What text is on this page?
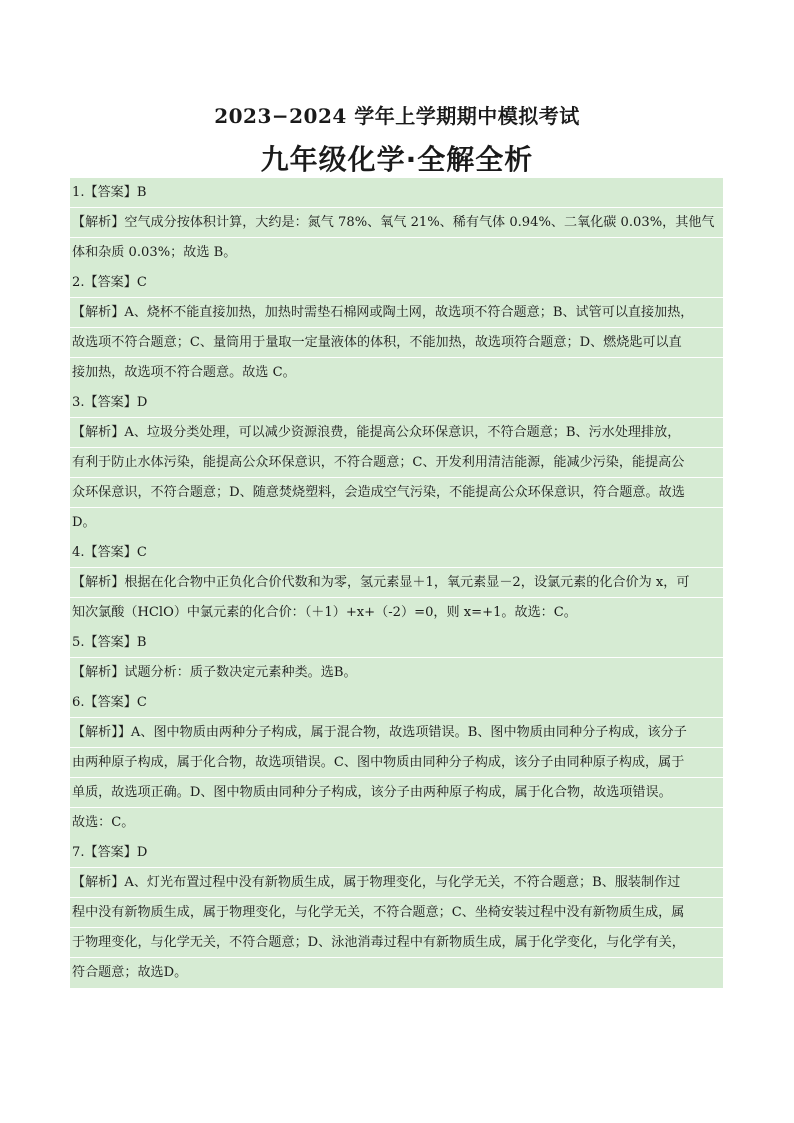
2023−2024 学年上学期期中模拟考试
九年级化学·全解全析
1.【答案】B
【解析】空气成分按体积计算，大约是：氮气 78%、氧气 21%、稀有气体 0.94%、二氧化碳 0.03%，其他气
体和杂质 0.03%；故选 B。
2.【答案】C
【解析】A、烧杯不能直接加热，加热时需垫石棉网或陶土网，故选项不符合题意；B、试管可以直接加热，
故选项不符合题意；C、量筒用于量取一定量液体的体积，不能加热，故选项符合题意；D、燃烧匙可以直
接加热，故选项不符合题意。故选 C。
3.【答案】D
【解析】A、垃圾分类处理，可以减少资源浪费，能提高公众环保意识，不符合题意；B、污水处理排放，
有利于防止水体污染，能提高公众环保意识，不符合题意；C、开发利用清洁能源，能减少污染，能提高公
众环保意识，不符合题意；D、随意焚烧塑料，会造成空气污染，不能提高公众环保意识，符合题意。故选
D。
4.【答案】C
【解析】根据在化合物中正负化合价代数和为零，氢元素显＋1，氧元素显－2，设氯元素的化合价为 x，可
知次氯酸（HClO）中氯元素的化合价：（＋1）+x+（-2）=0，则 x=+1。故选：C。
5.【答案】B
【解析】试题分析：质子数决定元素种类。选B。
6.【答案】C
【解析】】A、图中物质由两种分子构成，属于混合物，故选项错误。B、图中物质由同种分子构成，该分子
由两种原子构成，属于化合物，故选项错误。C、图中物质由同种分子构成，该分子由同种原子构成，属于
单质，故选项正确。D、图中物质由同种分子构成，该分子由两种原子构成，属于化合物，故选项错误。
故选：C。
7.【答案】D
【解析】A、灯光布置过程中没有新物质生成，属于物理变化，与化学无关，不符合题意；B、服装制作过
程中没有新物质生成，属于物理变化，与化学无关，不符合题意；C、坐椅安装过程中没有新物质生成，属
于物理变化，与化学无关，不符合题意；D、泳池消毒过程中有新物质生成，属于化学变化，与化学有关，
符合题意；故选D。
